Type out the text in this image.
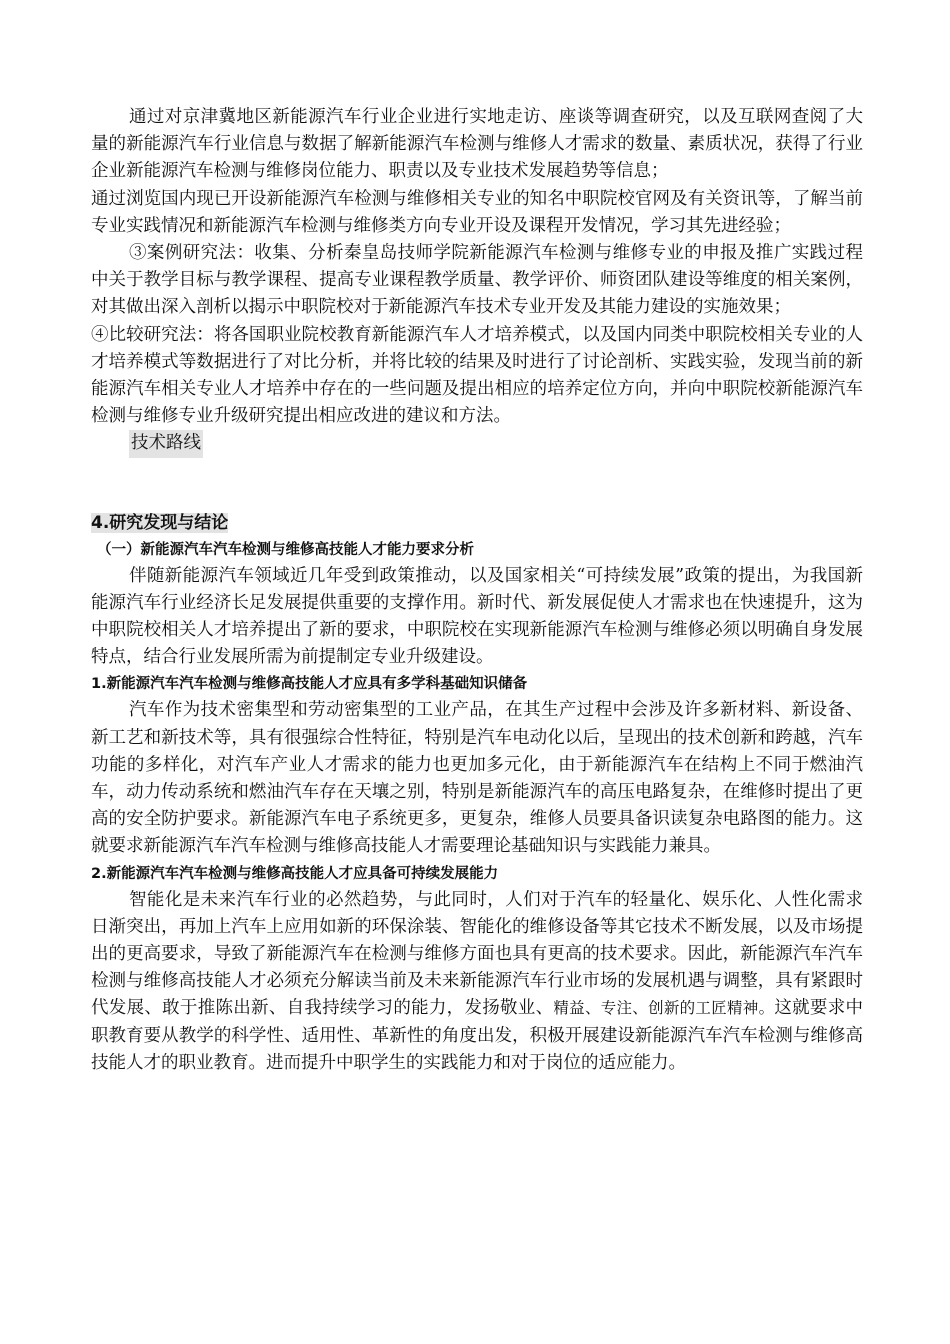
通过对京津冀地区新能源汽车行业企业进行实地走访、座谈等调查研究，以及互联网查阅了大量的新能源汽车行业信息与数据了解新能源汽车检测与维修人才需求的数量、素质状况，获得了行业企业新能源汽车检测与维修岗位能力、职责以及专业技术发展趋势等信息；

通过浏览国内现已开设新能源汽车检测与维修相关专业的知名中职院校官网及有关资讯等，了解当前专业实践情况和新能源汽车检测与维修类方向专业开设及课程开发情况，学习其先进经验；

③案例研究法：收集、分析秦皇岛技师学院新能源汽车检测与维修专业的申报及推广实践过程中关于教学目标与教学课程、提高专业课程教学质量、教学评价、师资团队建设等维度的相关案例，对其做出深入剖析以揭示中职院校对于新能源汽车技术专业开发及其能力建设的实施效果；

④比较研究法：将各国职业院校教育新能源汽车人才培养模式，以及国内同类中职院校相关专业的人才培养模式等数据进行了对比分析，并将比较的结果及时进行了讨论剖析、实践实验，发现当前的新能源汽车相关专业人才培养中存在的一些问题及提出相应的培养定位方向，并向中职院校新能源汽车检测与维修专业升级研究提出相应改进的建议和方法。

技术路线
4.研究发现与结论
（一）新能源汽车汽车检测与维修高技能人才能力要求分析

伴随新能源汽车领域近几年受到政策推动，以及国家相关“可持续发展”政策的提出，为我国新能源汽车行业经济长足发展提供重要的支撑作用。新时代、新发展促使人才需求也在快速提升，这为中职院校相关人才培养提出了新的要求，中职院校在实现新能源汽车检测与维修必须以明确自身发展特点，结合行业发展所需为前提制定专业升级建设。

1.新能源汽车汽车检测与维修高技能人才应具有多学科基础知识储备

汽车作为技术密集型和劳动密集型的工业产品，在其生产过程中会涉及许多新材料、新设备、新工艺和新技术等，具有很强综合性特征，特别是汽车电动化以后，呈现出的技术创新和跨越，汽车功能的多样化，对汽车产业人才需求的能力也更加多元化，由于新能源汽车在结构上不同于燃油汽车，动力传动系统和燃油汽车存在天壤之别，特别是新能源汽车的高压电路复杂，在维修时提出了更高的安全防护要求。新能源汽车电子系统更多，更复杂，维修人员要具备识读复杂电路图的能力。这就要求新能源汽车汽车检测与维修高技能人才需要理论基础知识与实践能力兼具。

2.新能源汽车汽车检测与维修高技能人才应具备可持续发展能力

智能化是未来汽车行业的必然趋势，与此同时，人们对于汽车的轻量化、娱乐化、人性化需求日渐突出，再加上汽车上应用如新的环保涂装、智能化的维修设备等其它技术不断发展，以及市场提出的更高要求，导致了新能源汽车在检测与维修方面也具有更高的技术要求。因此，新能源汽车汽车检测与维修高技能人才必须充分解读当前及未来新能源汽车行业市场的发展机遇与调整，具有紧跟时代发展、敢于推陈出新、自我持续学习的能力，发扬敬业、精益、专注、创新的工匠精神。这就要求中职教育要从教学的科学性、适用性、革新性的角度出发，积极开展建设新能源汽车汽车检测与维修高技能人才的职业教育。进而提升中职学生的实践能力和对于岗位的适应能力。
